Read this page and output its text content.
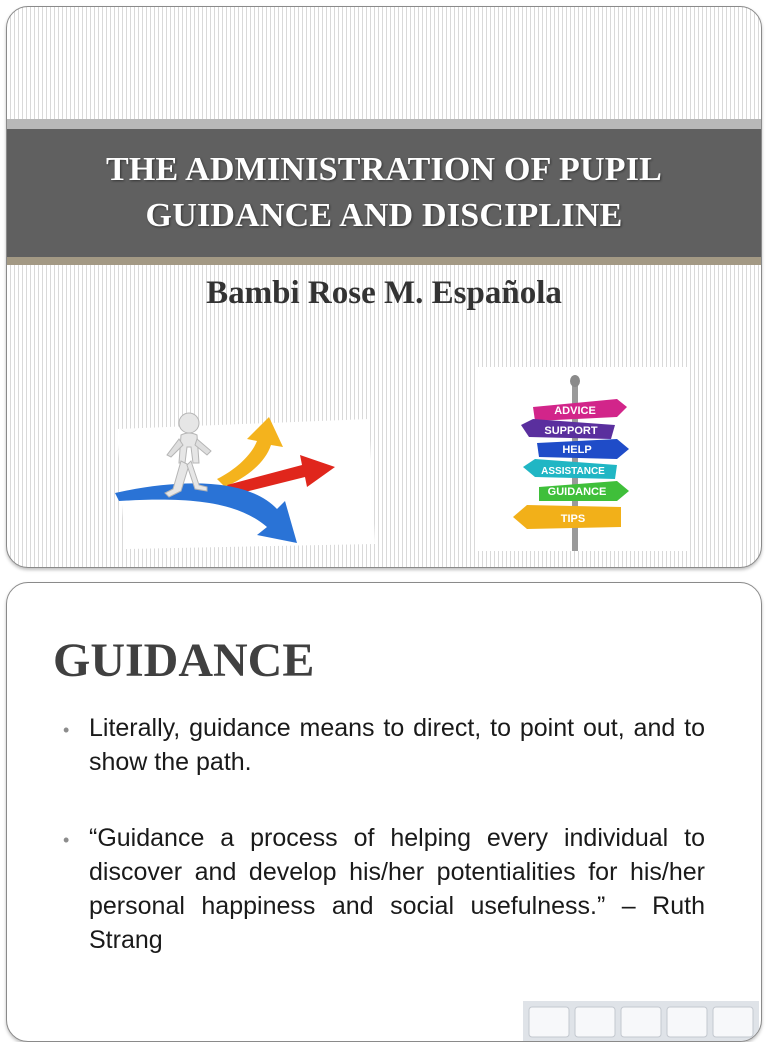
THE ADMINISTRATION OF PUPIL
GUIDANCE AND DISCIPLINE
Bambi Rose M. Española
ADVICE
SUPPORT
HELP
ASSISTANCE
GUIDANCE
TIPS
GUIDANCE
• Literally, guidance means to direct, to point out, and to show the path.
• “Guidance a process of helping every individual to discover and develop his/her potentialities for his/her personal happiness and social usefulness.” – Ruth Strang
